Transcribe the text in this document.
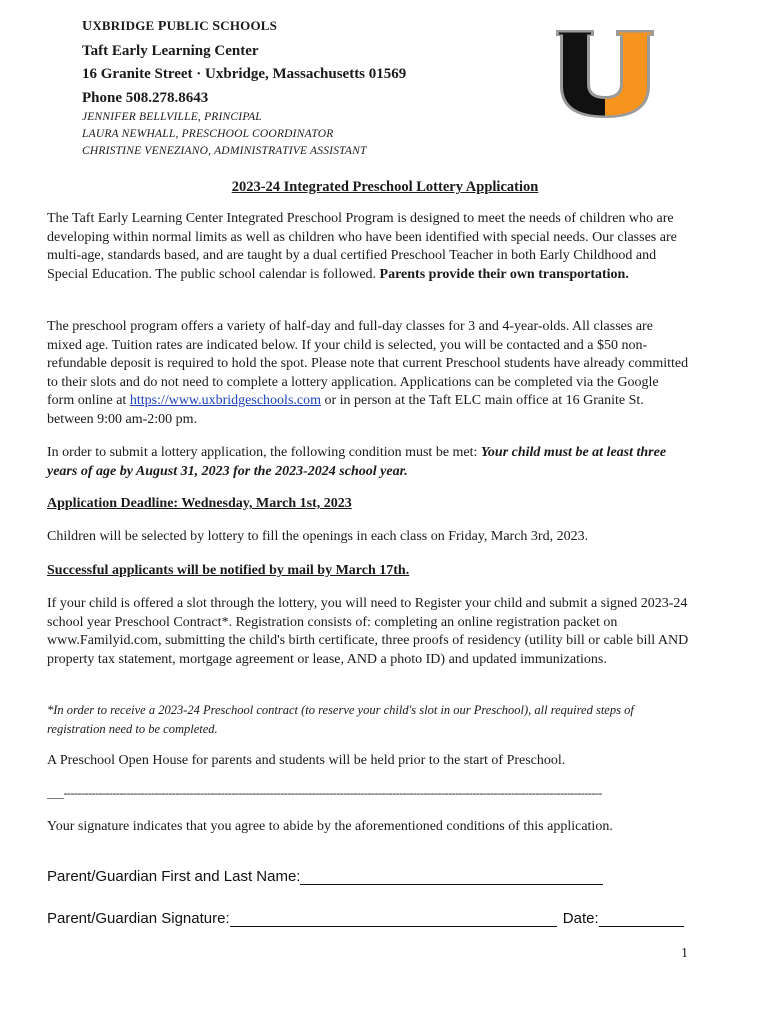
UXBRIDGE PUBLIC SCHOOLS
Taft Early Learning Center
16 Granite Street · Uxbridge, Massachusetts 01569
Phone 508.278.8643
JENNIFER BELLVILLE, PRINCIPAL
LAURA NEWHALL, PRESCHOOL COORDINATOR
CHRISTINE VENEZIANO, ADMINISTRATIVE ASSISTANT
2023-24 Integrated Preschool Lottery Application

The Taft Early Learning Center Integrated Preschool Program is designed to meet the needs of children who are developing within normal limits as well as children who have been identified with special needs. Our classes are multi-age, standards based, and are taught by a dual certified Preschool Teacher in both Early Childhood and Special Education. The public school calendar is followed. Parents provide their own transportation.

The preschool program offers a variety of half-day and full-day classes for 3 and 4-year-olds. All classes are mixed age. Tuition rates are indicated below. If your child is selected, you will be contacted and a $50 non-refundable deposit is required to hold the spot. Please note that current Preschool students have already committed to their slots and do not need to complete a lottery application. Applications can be completed via the Google form online at https://www.uxbridgeschools.com or in person at the Taft ELC main office at 16 Granite St. between 9:00 am-2:00 pm.

In order to submit a lottery application, the following condition must be met: Your child must be at least three years of age by August 31, 2023 for the 2023-2024 school year.

Application Deadline: Wednesday, March 1st, 2023

Children will be selected by lottery to fill the openings in each class on Friday, March 3rd, 2023.

Successful applicants will be notified by mail by March 17th.

If your child is offered a slot through the lottery, you will need to Register your child and submit a signed 2023-24 school year Preschool Contract*. Registration consists of: completing an online registration packet on www.Familyid.com, submitting the child's birth certificate, three proofs of residency (utility bill or cable bill AND property tax statement, mortgage agreement or lease, AND a photo ID) and updated immunizations.

*In order to receive a 2023-24 Preschool contract (to reserve your child's slot in our Preschool), all required steps of registration need to be completed.

A Preschool Open House for parents and students will be held prior to the start of Preschool.

___----------------------------------------------------------------------------------------------------------------------------------------------------------

Your signature indicates that you agree to abide by the aforementioned conditions of this application.

Parent/Guardian First and Last Name:
Parent/Guardian Signature:	Date:
1
